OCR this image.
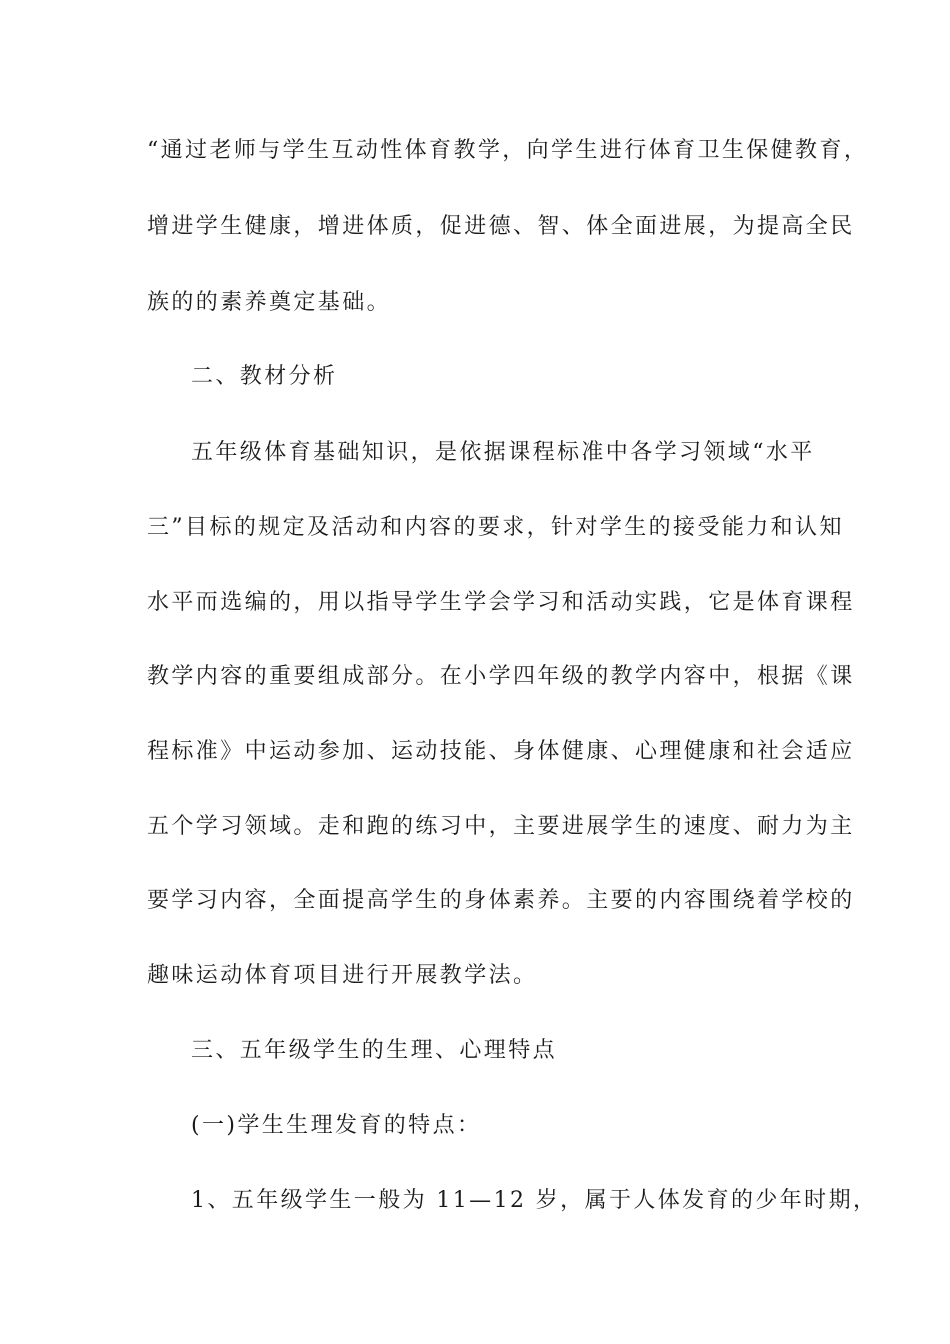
“通过老师与学生互动性体育教学，向学生进行体育卫生保健教育，
增进学生健康，增进体质，促进德、智、体全面进展，为提高全民
族的的素养奠定基础。
二、教材分析
五年级体育基础知识，是依据课程标准中各学习领域“水平
三”目标的规定及活动和内容的要求，针对学生的接受能力和认知
水平而选编的，用以指导学生学会学习和活动实践，它是体育课程
教学内容的重要组成部分。在小学四年级的教学内容中，根据《课
程标准》中运动参加、运动技能、身体健康、心理健康和社会适应
五个学习领域。走和跑的练习中，主要进展学生的速度、耐力为主
要学习内容，全面提高学生的身体素养。主要的内容围绕着学校的
趣味运动体育项目进行开展教学法。
三、五年级学生的生理、心理特点
(一)学生生理发育的特点：
1、五年级学生一般为 11—12 岁，属于人体发育的少年时期，
